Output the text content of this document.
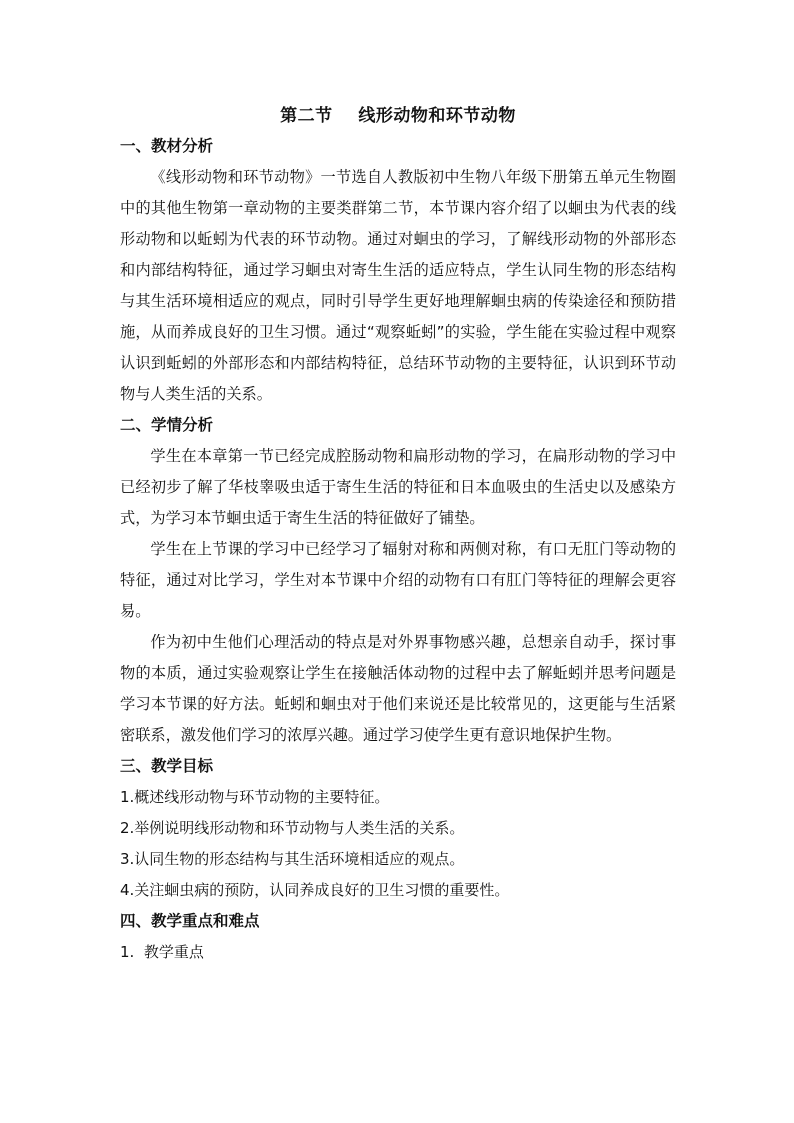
第二节    线形动物和环节动物

一、教材分析

《线形动物和环节动物》一节选自人教版初中生物八年级下册第五单元生物圈中的其他生物第一章动物的主要类群第二节，本节课内容介绍了以蛔虫为代表的线形动物和以蚯蚓为代表的环节动物。通过对蛔虫的学习，了解线形动物的外部形态和内部结构特征，通过学习蛔虫对寄生生活的适应特点，学生认同生物的形态结构与其生活环境相适应的观点，同时引导学生更好地理解蛔虫病的传染途径和预防措施，从而养成良好的卫生习惯。通过“观察蚯蚓”的实验，学生能在实验过程中观察认识到蚯蚓的外部形态和内部结构特征，总结环节动物的主要特征，认识到环节动物与人类生活的关系。

二、学情分析

学生在本章第一节已经完成腔肠动物和扁形动物的学习，在扁形动物的学习中已经初步了解了华枝睾吸虫适于寄生生活的特征和日本血吸虫的生活史以及感染方式，为学习本节蛔虫适于寄生生活的特征做好了铺垫。

学生在上节课的学习中已经学习了辐射对称和两侧对称，有口无肛门等动物的特征，通过对比学习，学生对本节课中介绍的动物有口有肛门等特征的理解会更容易。

作为初中生他们心理活动的特点是对外界事物感兴趣，总想亲自动手，探讨事物的本质，通过实验观察让学生在接触活体动物的过程中去了解蚯蚓并思考问题是学习本节课的好方法。蚯蚓和蛔虫对于他们来说还是比较常见的，这更能与生活紧密联系，激发他们学习的浓厚兴趣。通过学习使学生更有意识地保护生物。

三、教学目标

1.概述线形动物与环节动物的主要特征。

2.举例说明线形动物和环节动物与人类生活的关系。

3.认同生物的形态结构与其生活环境相适应的观点。

4.关注蛔虫病的预防，认同养成良好的卫生习惯的重要性。

四、教学重点和难点

1.  教学重点
